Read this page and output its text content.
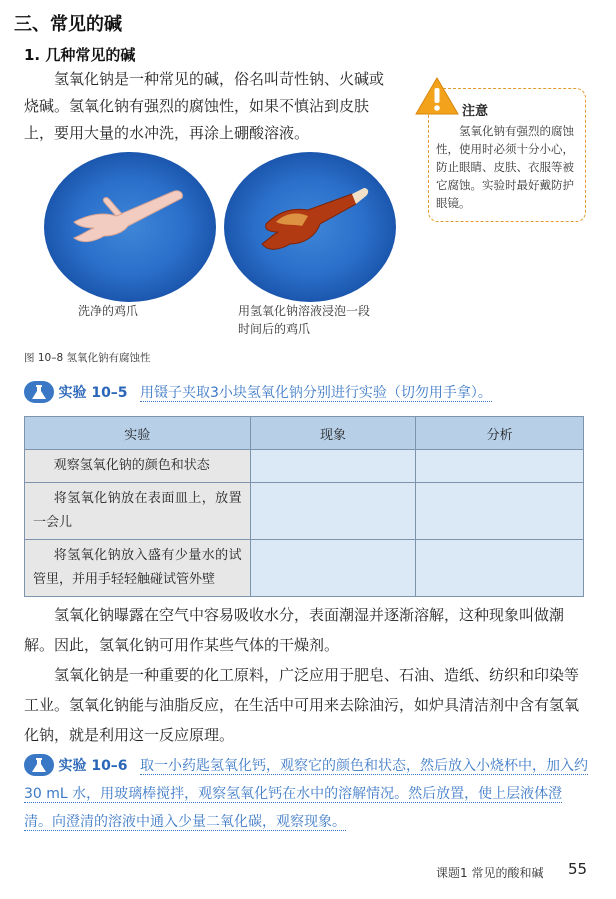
三、常见的碱
1. 几种常见的碱

氢氧化钠是一种常见的碱，俗名叫苛性钠、火碱或烧碱。氢氧化钠有强烈的腐蚀性，如果不慎沾到皮肤上，要用大量的水冲洗，再涂上硼酸溶液。

注意

氢氧化钠有强烈的腐蚀性，使用时必须十分小心，防止眼睛、皮肤、衣服等被它腐蚀。实验时最好戴防护眼镜。

洗净的鸡爪	用氢氧化钠溶液浸泡一段时间后的鸡爪
图 10–8 氢氧化钠有腐蚀性
实验 10–5 用镊子夹取3小块氢氧化钠分别进行实验（切勿用手拿）。
实验	现象	分析
观察氢氧化钠的颜色和状态		
将氢氧化钠放在表面皿上，放置一会儿		
将氢氧化钠放入盛有少量水的试管里，并用手轻轻触碰试管外壁		

氢氧化钠曝露在空气中容易吸收水分，表面潮湿并逐渐溶解，这种现象叫做潮解。因此，氢氧化钠可用作某些气体的干燥剂。

氢氧化钠是一种重要的化工原料，广泛应用于肥皂、石油、造纸、纺织和印染等工业。氢氧化钠能与油脂反应，在生活中可用来去除油污，如炉具清洁剂中含有氢氧化钠，就是利用这一反应原理。

实验 10–6 取一小药匙氢氧化钙，观察它的颜色和状态，然后放入小烧杯中，加入约 30 mL 水，用玻璃棒搅拌，观察氢氧化钙在水中的溶解情况。然后放置，使上层液体澄清。向澄清的溶液中通入少量二氧化碳，观察现象。
课题1 常见的酸和碱 55
